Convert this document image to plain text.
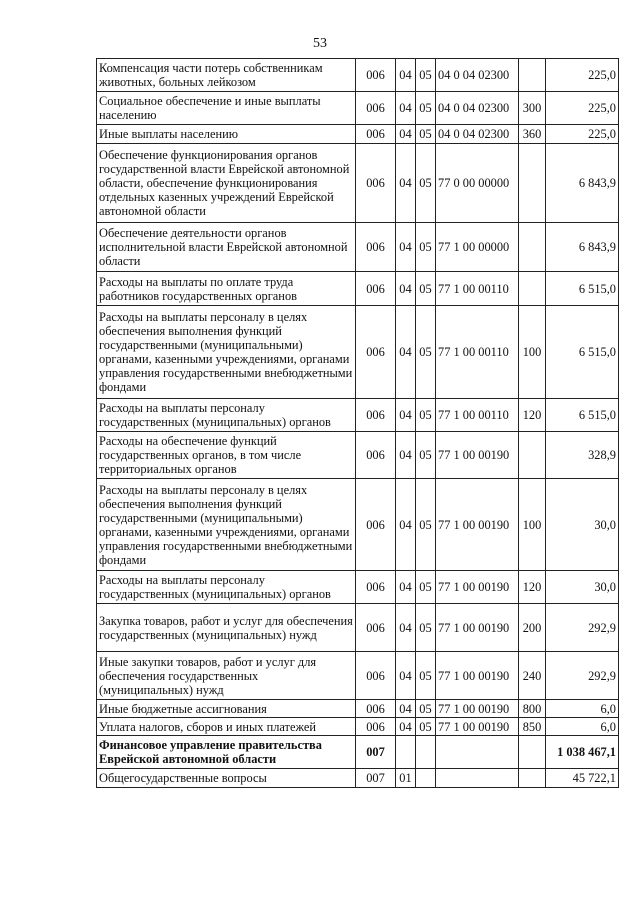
53
Компенсация части потерь собственникам животных, больных лейкозом	006	04	05	04 0 04 02300		225,0
Социальное обеспечение и иные выплаты населению	006	04	05	04 0 04 02300	300	225,0
Иные выплаты населению	006	04	05	04 0 04 02300	360	225,0
Обеспечение функционирования органов государственной власти Еврейской автономной области, обеспечение функционирования отдельных казенных учреждений Еврейской автономной области	006	04	05	77 0 00 00000		6 843,9
Обеспечение деятельности органов исполнительной власти Еврейской автономной области	006	04	05	77 1 00 00000		6 843,9
Расходы на выплаты по оплате труда работников государственных органов	006	04	05	77 1 00 00110		6 515,0
Расходы на выплаты персоналу в целях обеспечения выполнения функций государственными (муниципальными) органами, казенными учреждениями, органами управления государственными внебюджетными фондами	006	04	05	77 1 00 00110	100	6 515,0
Расходы на выплаты персоналу государственных (муниципальных) органов	006	04	05	77 1 00 00110	120	6 515,0
Расходы на обеспечение функций государственных органов, в том числе территориальных органов	006	04	05	77 1 00 00190		328,9
Расходы на выплаты персоналу в целях обеспечения выполнения функций государственными (муниципальными) органами, казенными учреждениями, органами управления государственными внебюджетными фондами	006	04	05	77 1 00 00190	100	30,0
Расходы на выплаты персоналу государственных (муниципальных) органов	006	04	05	77 1 00 00190	120	30,0
Закупка товаров, работ и услуг для обеспечения государственных (муниципальных) нужд	006	04	05	77 1 00 00190	200	292,9
Иные закупки товаров, работ и услуг для обеспечения государственных (муниципальных) нужд	006	04	05	77 1 00 00190	240	292,9
Иные бюджетные ассигнования	006	04	05	77 1 00 00190	800	6,0
Уплата налогов, сборов и иных платежей	006	04	05	77 1 00 00190	850	6,0
Финансовое управление правительства Еврейской автономной области	007					1 038 467,1
Общегосударственные вопросы	007	01				45 722,1
